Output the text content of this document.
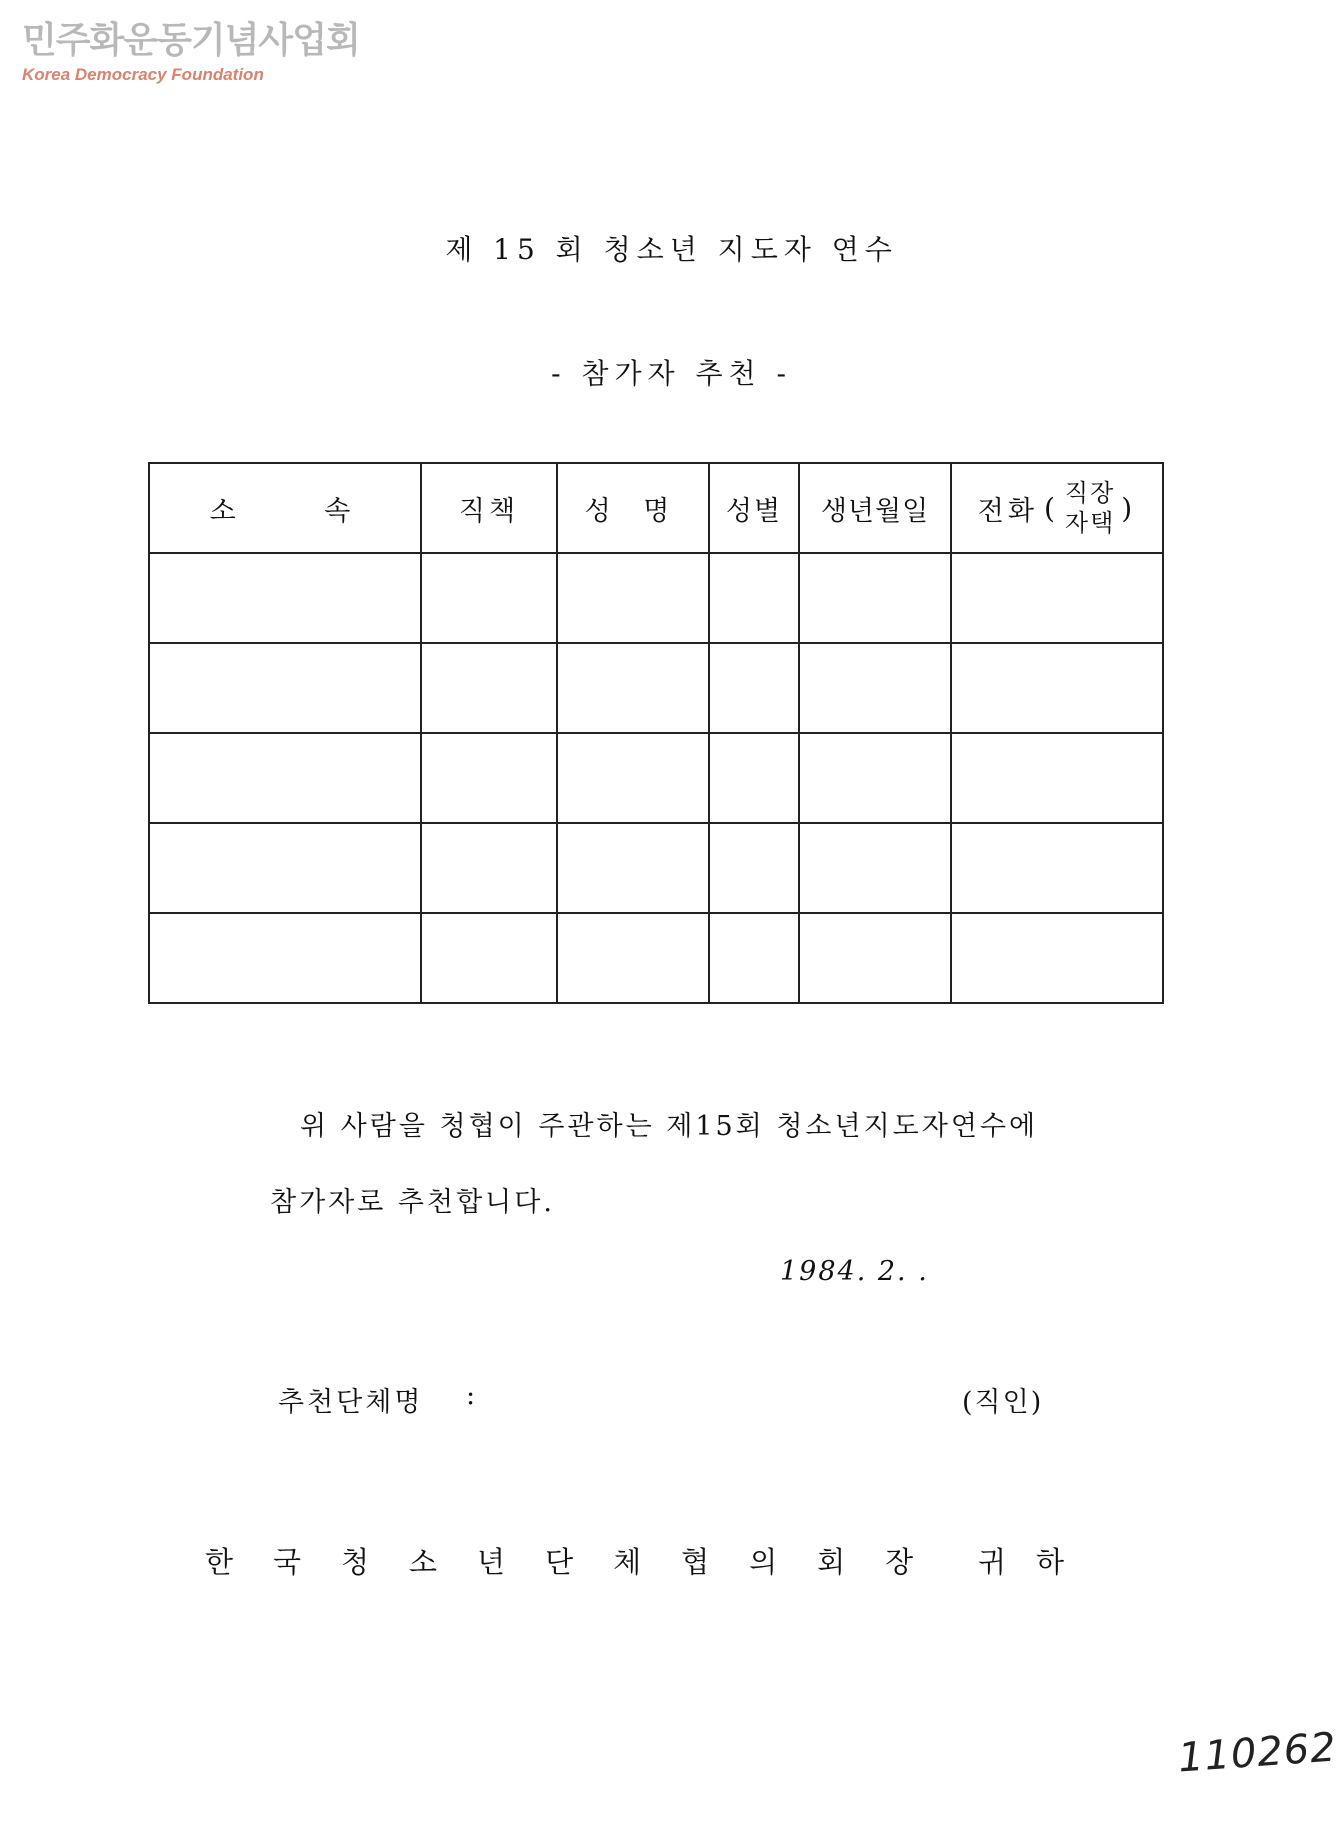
민주화운동기념사업회
Korea Democracy Foundation
제 15 회 청소년 지도자 연수
- 참가자 추천 -
소 속	직책	성 명	성별	생년월일	전화 ( 직장
자택 )

위 사람을 청협이 주관하는 제15회 청소년지도자연수에
참가자로 추천합니다.
1984. 2. .
추천단체명 :	(직인)
한국청소년단체협의회장 귀하
110262
